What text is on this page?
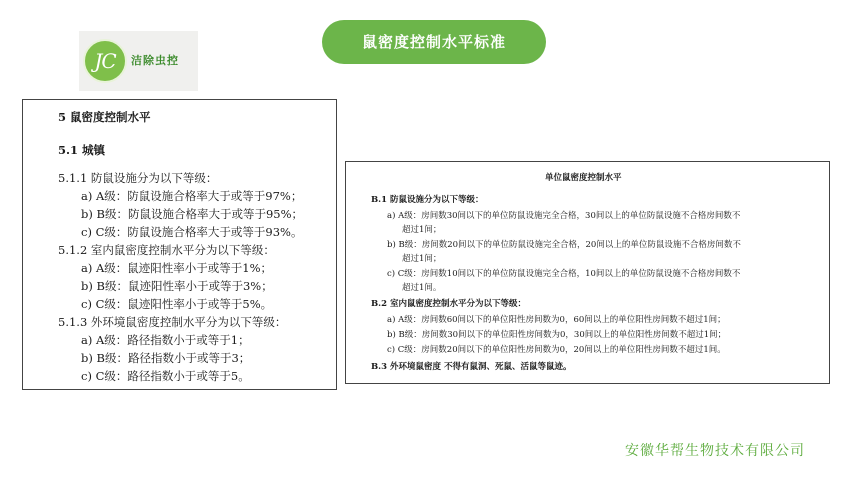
JC	洁除虫控
鼠密度控制水平标准
5 鼠密度控制水平
5.1 城镇
5.1.1 防鼠设施分为以下等级：
a) A级：防鼠设施合格率大于或等于97%；
b) B级：防鼠设施合格率大于或等于95%；
c) C级：防鼠设施合格率大于或等于93%。
5.1.2 室内鼠密度控制水平分为以下等级：
a) A级：鼠迹阳性率小于或等于1%；
b) B级：鼠迹阳性率小于或等于3%；
c) C级：鼠迹阳性率小于或等于5%。
5.1.3 外环境鼠密度控制水平分为以下等级：
a) A级：路径指数小于或等于1；
b) B级：路径指数小于或等于3；
c) C级：路径指数小于或等于5。
单位鼠密度控制水平
B.1 防鼠设施分为以下等级：
a) A级：房间数30间以下的单位防鼠设施完全合格，30间以上的单位防鼠设施不合格房间数不
超过1间；
b) B级：房间数20间以下的单位防鼠设施完全合格，20间以上的单位防鼠设施不合格房间数不
超过1间；
c) C级：房间数10间以下的单位防鼠设施完全合格，10间以上的单位防鼠设施不合格房间数不
超过1间。
B.2 室内鼠密度控制水平分为以下等级：
a) A级：房间数60间以下的单位阳性房间数为0，60间以上的单位阳性房间数不超过1间；
b) B级：房间数30间以下的单位阳性房间数为0，30间以上的单位阳性房间数不超过1间；
c) C级：房间数20间以下的单位阳性房间数为0，20间以上的单位阳性房间数不超过1间。
B.3 外环境鼠密度 不得有鼠洞、死鼠、活鼠等鼠迹。
安徽华帮生物技术有限公司
